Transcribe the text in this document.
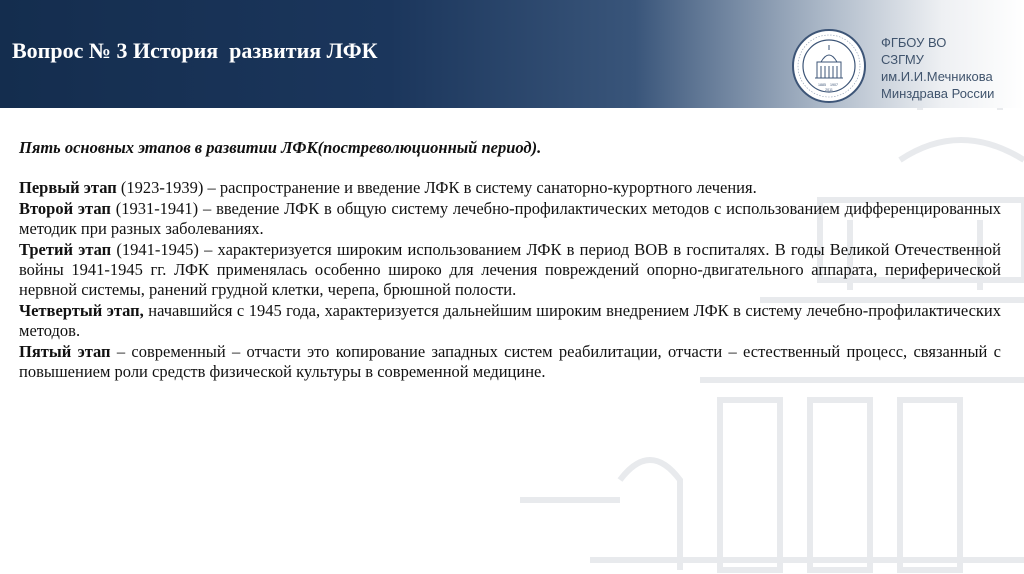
Вопрос № 3 История  развития ЛФК
1885 1907
2011
ФГБОУ ВО
СЗГМУ
им.И.И.Мечникова
Минздрава России

Пять основных этапов в развитии ЛФК(постреволюционный период).

Первый этап (1923-1939) – распространение и введение ЛФК в систему санаторно-курортного лечения.

Второй этап (1931-1941) – введение ЛФК в общую систему лечебно-профилактических методов с использованием дифференцированных методик при разных заболеваниях.

Третий этап (1941-1945) – характеризуется широким использованием ЛФК в период ВОВ в госпиталях. В годы Великой Отечественной войны 1941-1945 гг. ЛФК применялась особенно широко для лечения повреждений опорно-двигательного аппарата, периферической нервной системы, ранений грудной клетки, черепа, брюшной полости.

Четвертый этап, начавшийся с 1945 года, характеризуется дальнейшим широким внедрением ЛФК в систему лечебно-профилактических методов.

Пятый этап – современный – отчасти это копирование западных систем реабилитации, отчасти – естественный процесс, связанный с повышением роли средств физической культуры в современной медицине.
